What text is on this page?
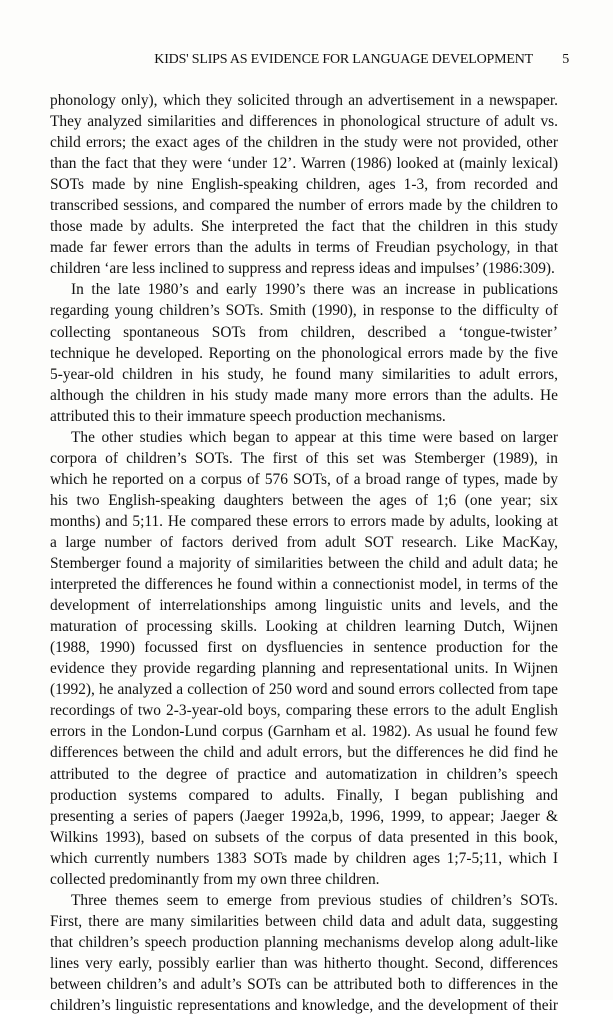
KIDS' SLIPS AS EVIDENCE FOR LANGUAGE DEVELOPMENT 5
phonology only), which they solicited through an advertisement in a newspaper.
They analyzed similarities and differences in phonological structure of adult vs.
child errors; the exact ages of the children in the study were not provided, other
than the fact that they were ‘under 12’. Warren (1986) looked at (mainly lexical)
SOTs made by nine English-speaking children, ages 1-3, from recorded and
transcribed sessions, and compared the number of errors made by the children to
those made by adults. She interpreted the fact that the children in this study
made far fewer errors than the adults in terms of Freudian psychology, in that
children ‘are less inclined to suppress and repress ideas and impulses’ (1986:309).
In the late 1980’s and early 1990’s there was an increase in publications
regarding young children’s SOTs. Smith (1990), in response to the difficulty of
collecting spontaneous SOTs from children, described a ‘tongue-twister’
technique he developed. Reporting on the phonological errors made by the five
5-year-old children in his study, he found many similarities to adult errors,
although the children in his study made many more errors than the adults. He
attributed this to their immature speech production mechanisms.
The other studies which began to appear at this time were based on larger
corpora of children’s SOTs. The first of this set was Stemberger (1989), in
which he reported on a corpus of 576 SOTs, of a broad range of types, made by
his two English-speaking daughters between the ages of 1;6 (one year; six
months) and 5;11. He compared these errors to errors made by adults, looking at
a large number of factors derived from adult SOT research. Like MacKay,
Stemberger found a majority of similarities between the child and adult data; he
interpreted the differences he found within a connectionist model, in terms of the
development of interrelationships among linguistic units and levels, and the
maturation of processing skills. Looking at children learning Dutch, Wijnen
(1988, 1990) focussed first on dysfluencies in sentence production for the
evidence they provide regarding planning and representational units. In Wijnen
(1992), he analyzed a collection of 250 word and sound errors collected from tape
recordings of two 2-3-year-old boys, comparing these errors to the adult English
errors in the London-Lund corpus (Garnham et al. 1982). As usual he found few
differences between the child and adult errors, but the differences he did find he
attributed to the degree of practice and automatization in children’s speech
production systems compared to adults. Finally, I began publishing and
presenting a series of papers (Jaeger 1992a,b, 1996, 1999, to appear; Jaeger &
Wilkins 1993), based on subsets of the corpus of data presented in this book,
which currently numbers 1383 SOTs made by children ages 1;7-5;11, which I
collected predominantly from my own three children.
Three themes seem to emerge from previous studies of children’s SOTs.
First, there are many similarities between child data and adult data, suggesting
that children’s speech production planning mechanisms develop along adult-like
lines very early, possibly earlier than was hitherto thought. Second, differences
between children’s and adult’s SOTs can be attributed both to differences in the
children’s linguistic representations and knowledge, and the development of their
